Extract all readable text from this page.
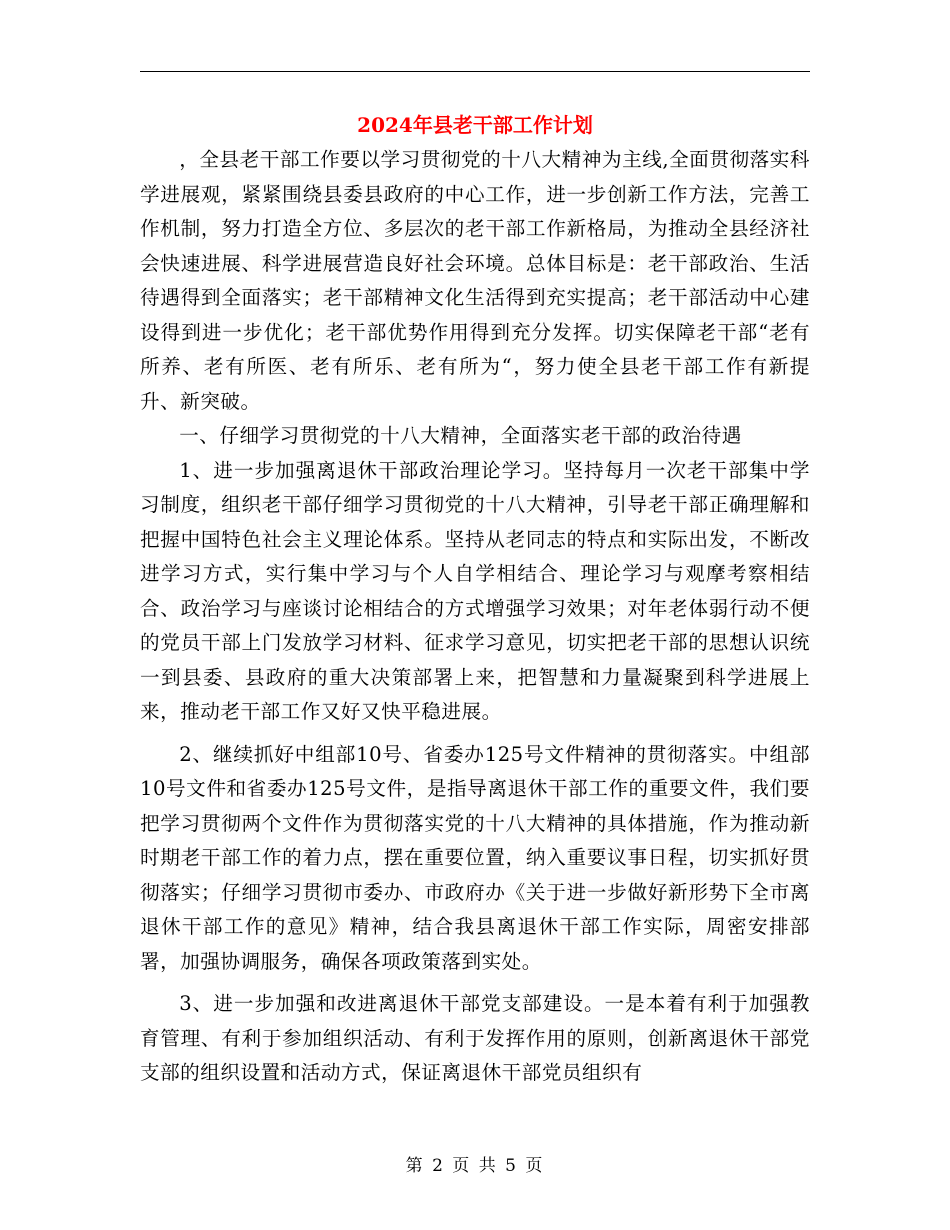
2024年县老干部工作计划

，全县老干部工作要以学习贯彻党的十八大精神为主线,全面贯彻落实科学进展观，紧紧围绕县委县政府的中心工作，进一步创新工作方法，完善工作机制，努力打造全方位、多层次的老干部工作新格局，为推动全县经济社会快速进展、科学进展营造良好社会环境。总体目标是：老干部政治、生活待遇得到全面落实；老干部精神文化生活得到充实提高；老干部活动中心建设得到进一步优化；老干部优势作用得到充分发挥。切实保障老干部“老有所养、老有所医、老有所乐、老有所为“，努力使全县老干部工作有新提升、新突破。

一、仔细学习贯彻党的十八大精神，全面落实老干部的政治待遇

1、进一步加强离退休干部政治理论学习。坚持每月一次老干部集中学习制度，组织老干部仔细学习贯彻党的十八大精神，引导老干部正确理解和把握中国特色社会主义理论体系。坚持从老同志的特点和实际出发，不断改进学习方式，实行集中学习与个人自学相结合、理论学习与观摩考察相结合、政治学习与座谈讨论相结合的方式增强学习效果；对年老体弱行动不便的党员干部上门发放学习材料、征求学习意见，切实把老干部的思想认识统一到县委、县政府的重大决策部署上来，把智慧和力量凝聚到科学进展上来，推动老干部工作又好又快平稳进展。

2、继续抓好中组部10号、省委办125号文件精神的贯彻落实。中组部10号文件和省委办125号文件，是指导离退休干部工作的重要文件，我们要把学习贯彻两个文件作为贯彻落实党的十八大精神的具体措施，作为推动新时期老干部工作的着力点，摆在重要位置，纳入重要议事日程，切实抓好贯彻落实；仔细学习贯彻市委办、市政府办《关于进一步做好新形势下全市离退休干部工作的意见》精神，结合我县离退休干部工作实际，周密安排部署，加强协调服务，确保各项政策落到实处。

3、进一步加强和改进离退休干部党支部建设。一是本着有利于加强教育管理、有利于参加组织活动、有利于发挥作用的原则，创新离退休干部党支部的组织设置和活动方式，保证离退休干部党员组织有

第 2 页 共 5 页
